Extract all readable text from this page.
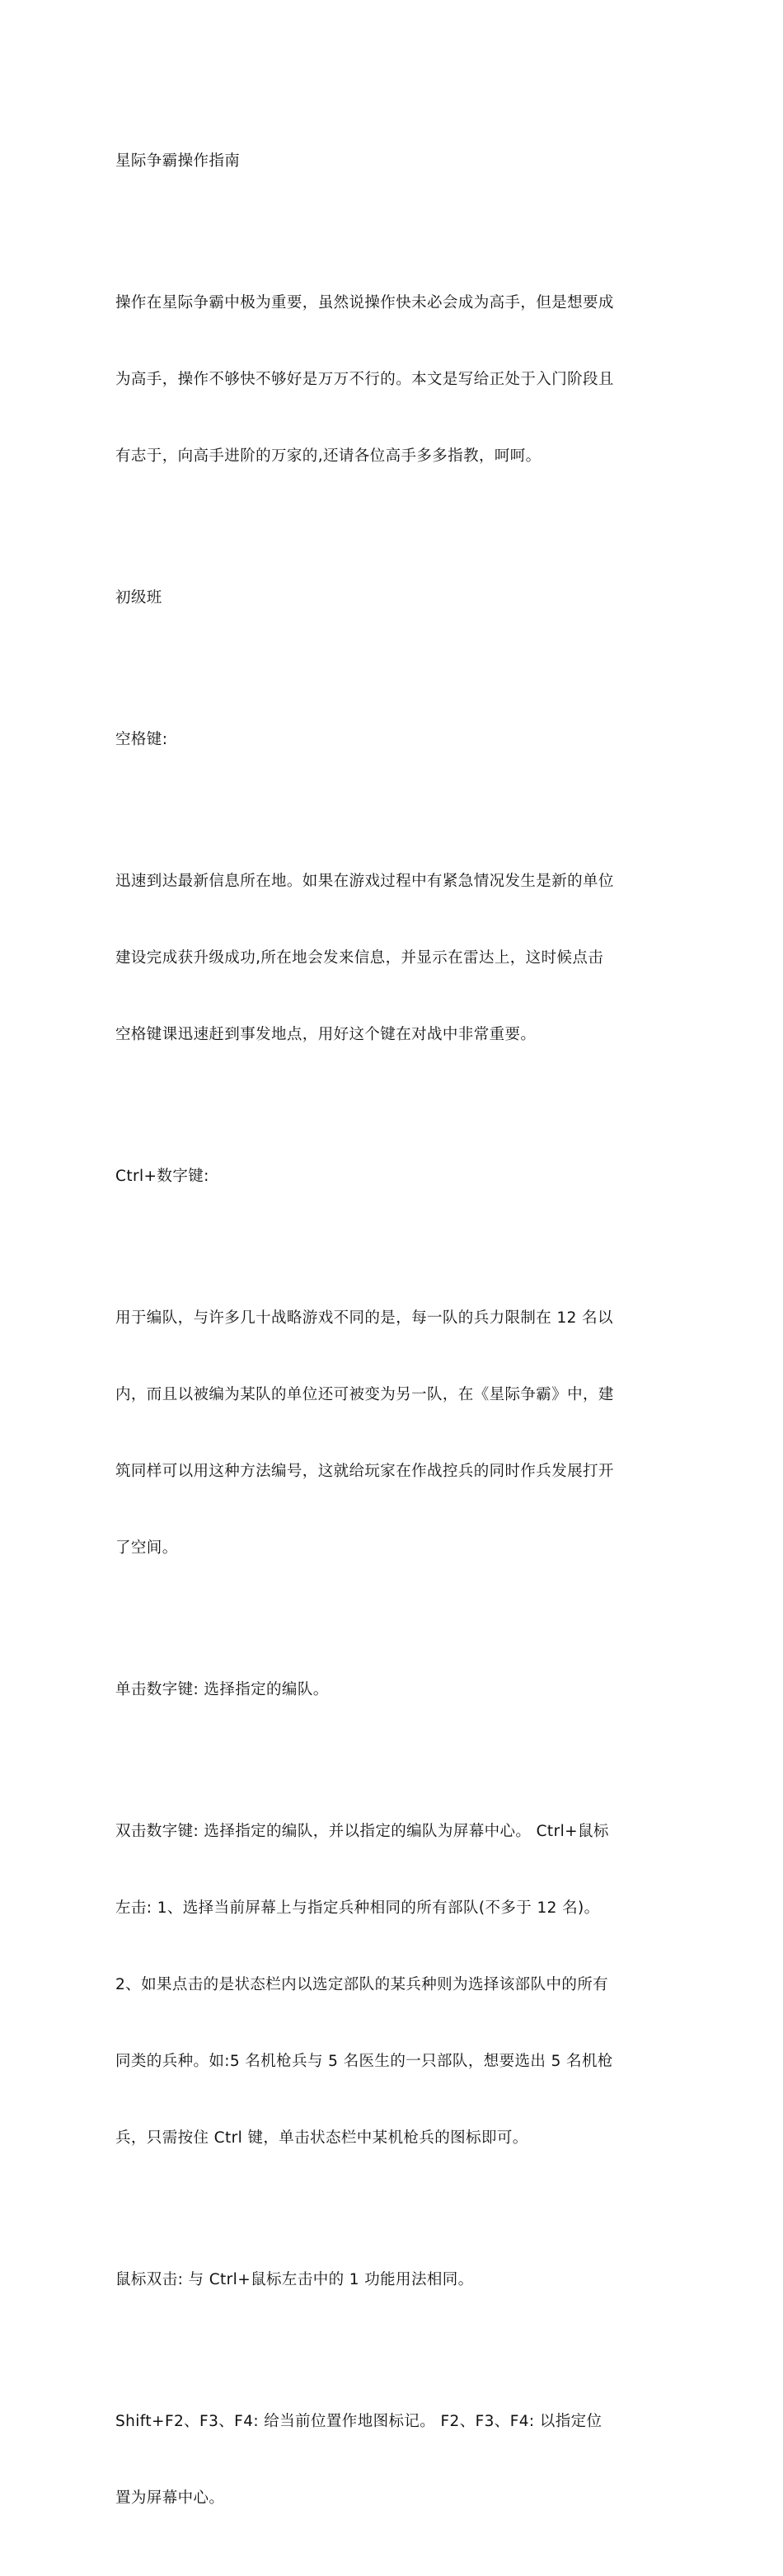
星际争霸操作指南

操作在星际争霸中极为重要，虽然说操作快未必会成为高手，但是想要成

为高手，操作不够快不够好是万万不行的。本文是写给正处于入门阶段且

有志于，向高手进阶的万家的,还请各位高手多多指教，呵呵。

初级班

空格键:

迅速到达最新信息所在地。如果在游戏过程中有紧急情况发生是新的单位

建设完成获升级成功,所在地会发来信息，并显示在雷达上，这时候点击

空格键课迅速赶到事发地点，用好这个键在对战中非常重要。

Ctrl+数字键:

用于编队，与许多几十战略游戏不同的是，每一队的兵力限制在 12 名以

内，而且以被编为某队的单位还可被变为另一队，在《星际争霸》中，建

筑同样可以用这种方法编号，这就给玩家在作战控兵的同时作兵发展打开

了空间。

单击数字键: 选择指定的编队。

双击数字键: 选择指定的编队，并以指定的编队为屏幕中心。 Ctrl+鼠标

左击: 1、选择当前屏幕上与指定兵种相同的所有部队(不多于 12 名)。

2、如果点击的是状态栏内以选定部队的某兵种则为选择该部队中的所有

同类的兵种。如:5 名机枪兵与 5 名医生的一只部队，想要选出 5 名机枪

兵，只需按住 Ctrl 键，单击状态栏中某机枪兵的图标即可。

鼠标双击: 与 Ctrl+鼠标左击中的 1 功能用法相同。

Shift+F2、F3、F4: 给当前位置作地图标记。 F2、F3、F4: 以指定位

置为屏幕中心。
